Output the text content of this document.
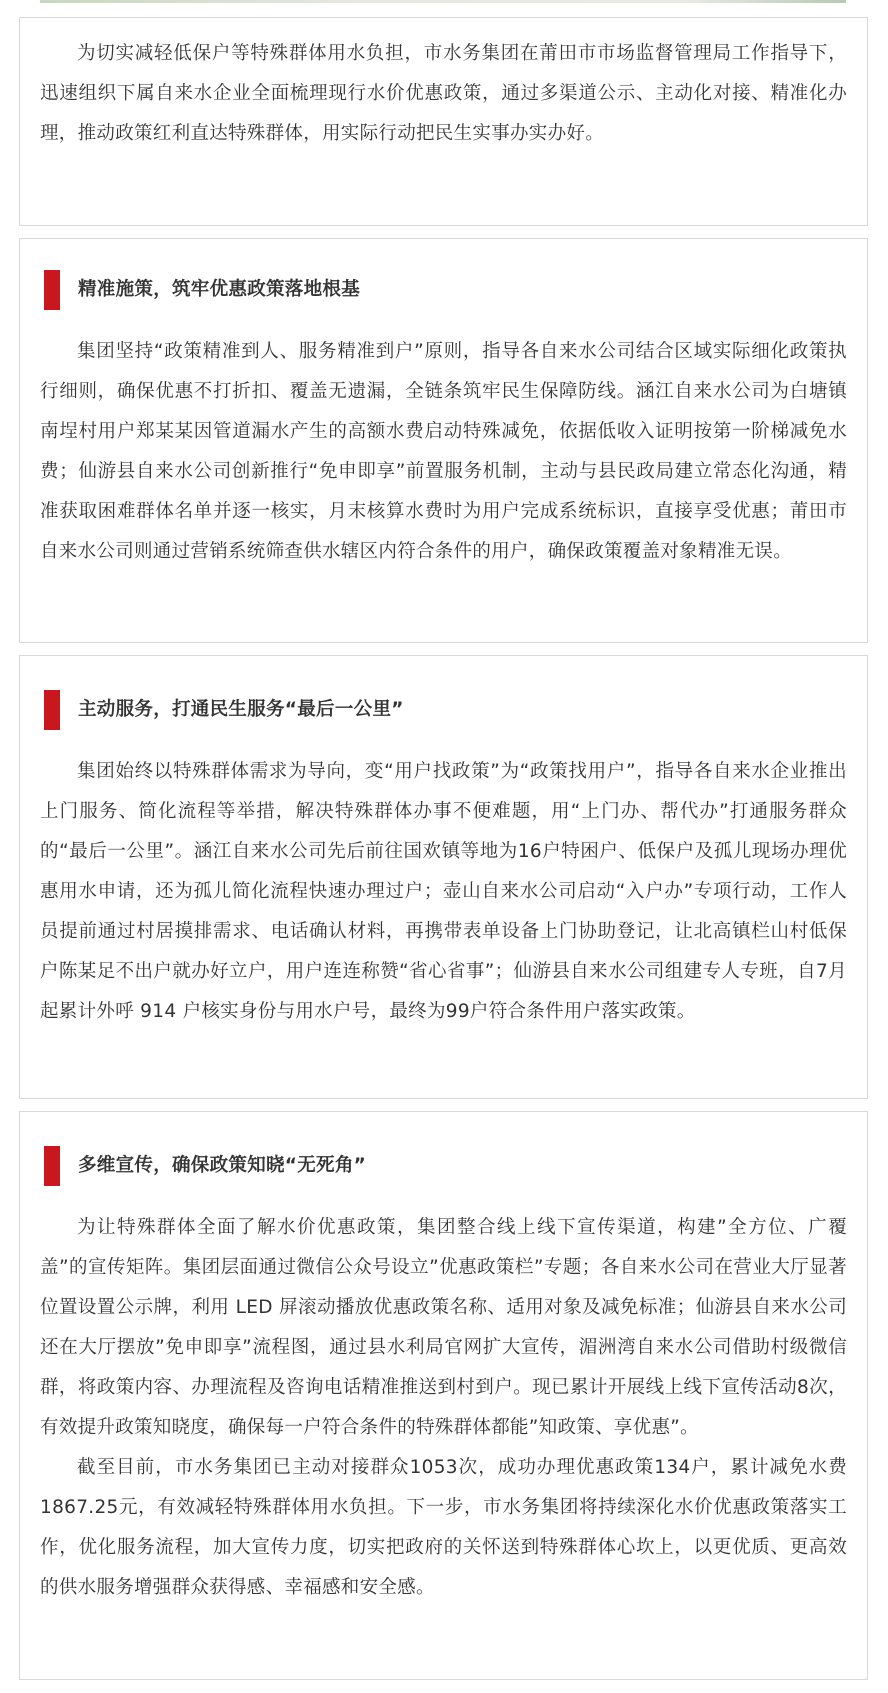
为切实减轻低保户等特殊群体用水负担，市水务集团在莆田市市场监督管理局工作指导下，迅速组织下属自来水企业全面梳理现行水价优惠政策，通过多渠道公示、主动化对接、精准化办理，推动政策红利直达特殊群体，用实际行动把民生实事办实办好。

精准施策，筑牢优惠政策落地根基

集团坚持“政策精准到人、服务精准到户”原则，指导各自来水公司结合区域实际细化政策执行细则，确保优惠不打折扣、覆盖无遗漏，全链条筑牢民生保障防线。涵江自来水公司为白塘镇南埕村用户郑某某因管道漏水产生的高额水费启动特殊减免，依据低收入证明按第一阶梯减免水费；仙游县自来水公司创新推行“免申即享”前置服务机制，主动与县民政局建立常态化沟通，精准获取困难群体名单并逐一核实，月末核算水费时为用户完成系统标识，直接享受优惠；莆田市自来水公司则通过营销系统筛查供水辖区内符合条件的用户，确保政策覆盖对象精准无误。

主动服务，打通民生服务“最后一公里”

集团始终以特殊群体需求为导向，变“用户找政策”为“政策找用户”，指导各自来水企业推出上门服务、简化流程等举措，解决特殊群体办事不便难题，用“上门办、帮代办”打通服务群众的“最后一公里”。涵江自来水公司先后前往国欢镇等地为16户特困户、低保户及孤儿现场办理优惠用水申请，还为孤儿简化流程快速办理过户；壶山自来水公司启动“入户办”专项行动，工作人员提前通过村居摸排需求、电话确认材料，再携带表单设备上门协助登记，让北高镇栏山村低保户陈某足不出户就办好立户，用户连连称赞“省心省事”；仙游县自来水公司组建专人专班，自7月起累计外呼 914 户核实身份与用水户号，最终为99户符合条件用户落实政策。

多维宣传，确保政策知晓“无死角”

为让特殊群体全面了解水价优惠政策，集团整合线上线下宣传渠道，构建”全方位、广覆盖”的宣传矩阵。集团层面通过微信公众号设立”优惠政策栏”专题；各自来水公司在营业大厅显著位置设置公示牌，利用 LED 屏滚动播放优惠政策名称、适用对象及减免标准；仙游县自来水公司还在大厅摆放”免申即享”流程图，通过县水利局官网扩大宣传，湄洲湾自来水公司借助村级微信群，将政策内容、办理流程及咨询电话精准推送到村到户。现已累计开展线上线下宣传活动8次，有效提升政策知晓度，确保每一户符合条件的特殊群体都能”知政策、享优惠”。

截至目前，市水务集团已主动对接群众1053次，成功办理优惠政策134户，累计减免水费1867.25元，有效减轻特殊群体用水负担。下一步，市水务集团将持续深化水价优惠政策落实工作，优化服务流程，加大宣传力度，切实把政府的关怀送到特殊群体心坎上，以更优质、更高效的供水服务增强群众获得感、幸福感和安全感。
